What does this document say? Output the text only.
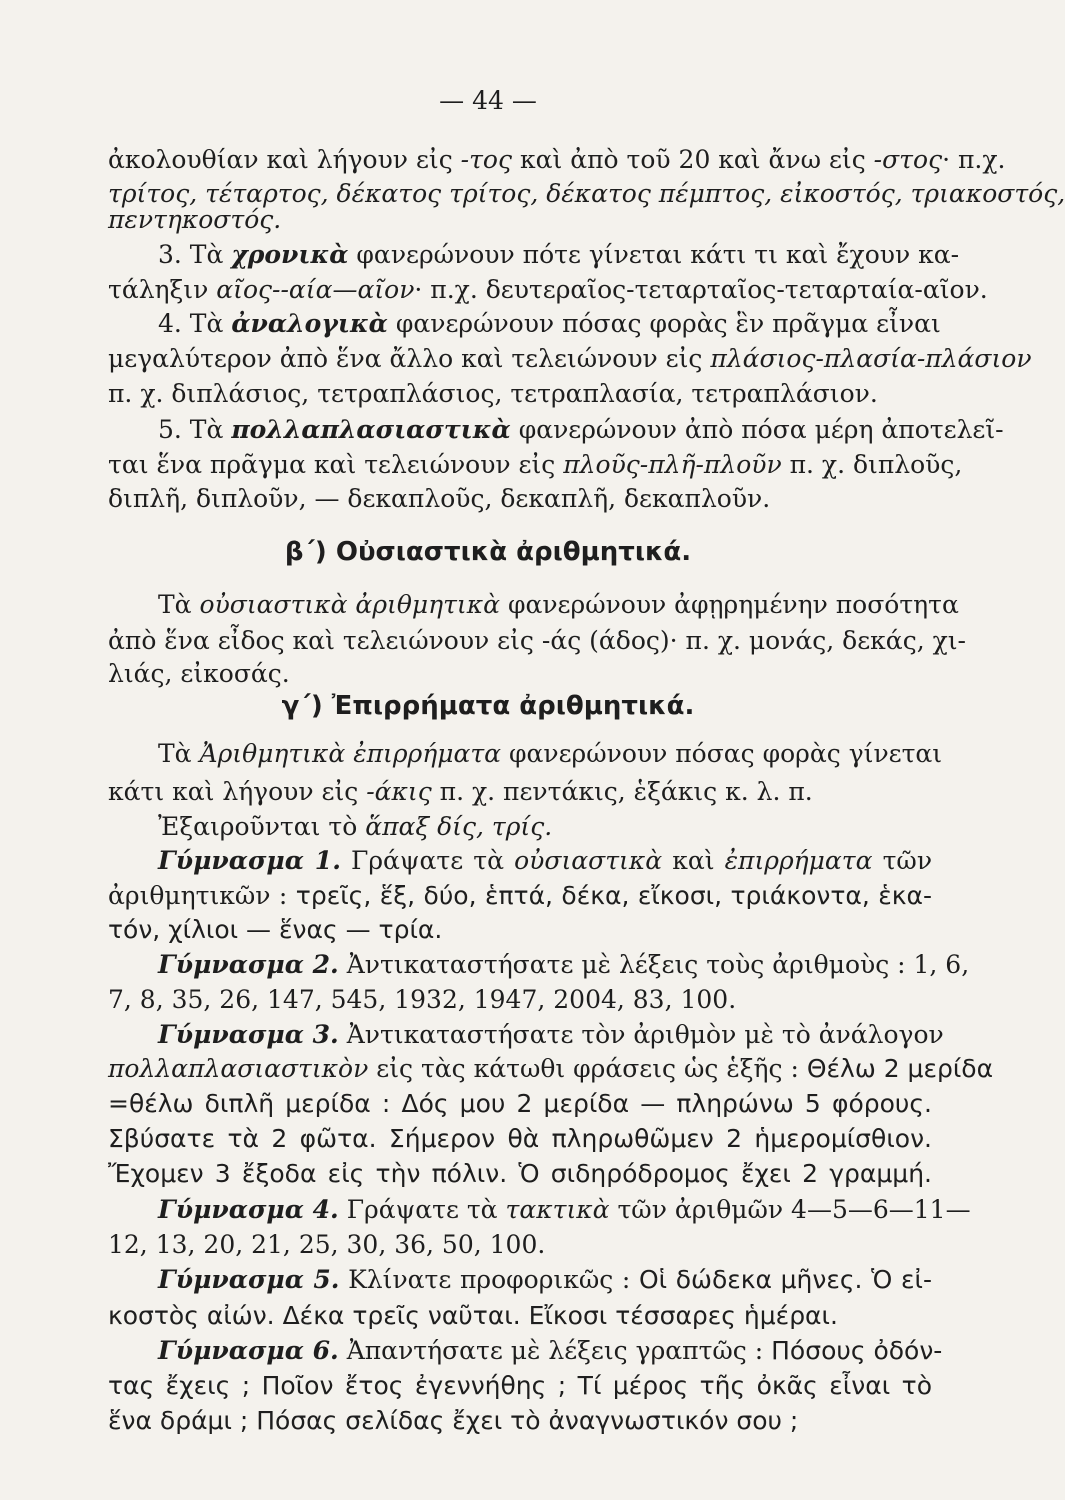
— 44 —
ἀκολουθίαν καὶ λήγουν εἰς -τος καὶ ἀπὸ τοῦ 20 καὶ ἄνω εἰς -στος· π.χ.
τρίτος, τέταρτος, δέκατος τρίτος, δέκατος πέμπτος, εἰκοστός, τριακοστός,
πεντηκοστός.
3. Τὰ χρονικὰ φανερώνουν πότε γίνεται κάτι τι καὶ ἔχουν κα-
τάληξιν αῖος--αία—αῖον· π.χ. δευτεραῖος-τεταρταῖος-τεταρταία-αῖον.
4. Τὰ ἀναλογικὰ φανερώνουν πόσας φορὰς ἓν πρᾶγμα εἶναι
μεγαλύτερον ἀπὸ ἕνα ἄλλο καὶ τελειώνουν εἰς πλάσιος-πλασία-πλάσιον
π. χ. διπλάσιος, τετραπλάσιος, τετραπλασία, τετραπλάσιον.
5. Τὰ πολλαπλασιαστικὰ φανερώνουν ἀπὸ πόσα μέρη ἀποτελεῖ-
ται ἕνα πρᾶγμα καὶ τελειώνουν εἰς πλοῦς-πλῆ-πλοῦν π. χ. διπλοῦς,
διπλῆ, διπλοῦν, — δεκαπλοῦς, δεκαπλῆ, δεκαπλοῦν.
β΄) Οὐσιαστικὰ ἀριθμητικά.
Τὰ οὐσιαστικὰ ἀριθμητικὰ φανερώνουν ἀφῃρημένην ποσότητα
ἀπὸ ἕνα εἶδος καὶ τελειώνουν εἰς -άς (άδος)· π. χ. μονάς, δεκάς, χι-
λιάς, εἰκοσάς.
γ΄) Ἐπιρρήματα ἀριθμητικά.
Τὰ Ἀριθμητικὰ ἐπιρρήματα φανερώνουν πόσας φορὰς γίνεται
κάτι καὶ λήγουν εἰς -άκις π. χ. πεντάκις, ἑξάκις κ. λ. π.
Ἐξαιροῦνται τὸ ἅπαξ δίς, τρίς.
Γύμνασμα 1. Γράψατε τὰ οὐσιαστικὰ καὶ ἐπιρρήματα τῶν
ἀριθμητικῶν : τρεῖς, ἕξ, δύο, ἑπτά, δέκα, εἴκοσι, τριάκοντα, ἑκα-
τόν, χίλιοι — ἕνας — τρία.
Γύμνασμα 2. Ἀντικαταστήσατε μὲ λέξεις τοὺς ἀριθμοὺς : 1, 6,
7, 8, 35, 26, 147, 545, 1932, 1947, 2004, 83, 100.
Γύμνασμα 3. Ἀντικαταστήσατε τὸν ἀριθμὸν μὲ τὸ ἀνάλογον
πολλαπλασιαστικὸν εἰς τὰς κάτωθι φράσεις ὡς ἑξῆς : Θέλω 2 μερίδα
=θέλω διπλῆ μερίδα : Δός μου 2 μερίδα — πληρώνω 5 φόρους.
Σβύσατε τὰ 2 φῶτα. Σήμερον θὰ πληρωθῶμεν 2 ἡμερομίσθιον.
Ἔχομεν 3 ἔξοδα εἰς τὴν πόλιν. Ὁ σιδηρόδρομος ἔχει 2 γραμμή.
Γύμνασμα 4. Γράψατε τὰ τακτικὰ τῶν ἀριθμῶν 4—5—6—11—
12, 13, 20, 21, 25, 30, 36, 50, 100.
Γύμνασμα 5. Κλίνατε προφορικῶς : Οἱ δώδεκα μῆνες. Ὁ εἰ-
κοστὸς αἰών. Δέκα τρεῖς ναῦται. Εἴκοσι τέσσαρες ἡμέραι.
Γύμνασμα 6. Ἀπαντήσατε μὲ λέξεις γραπτῶς : Πόσους ὀδόν-
τας ἔχεις ; Ποῖον ἔτος ἐγεννήθης ; Τί μέρος τῆς ὀκᾶς εἶναι τὸ
ἕνα δράμι ; Πόσας σελίδας ἔχει τὸ ἀναγνωστικόν σου ;
